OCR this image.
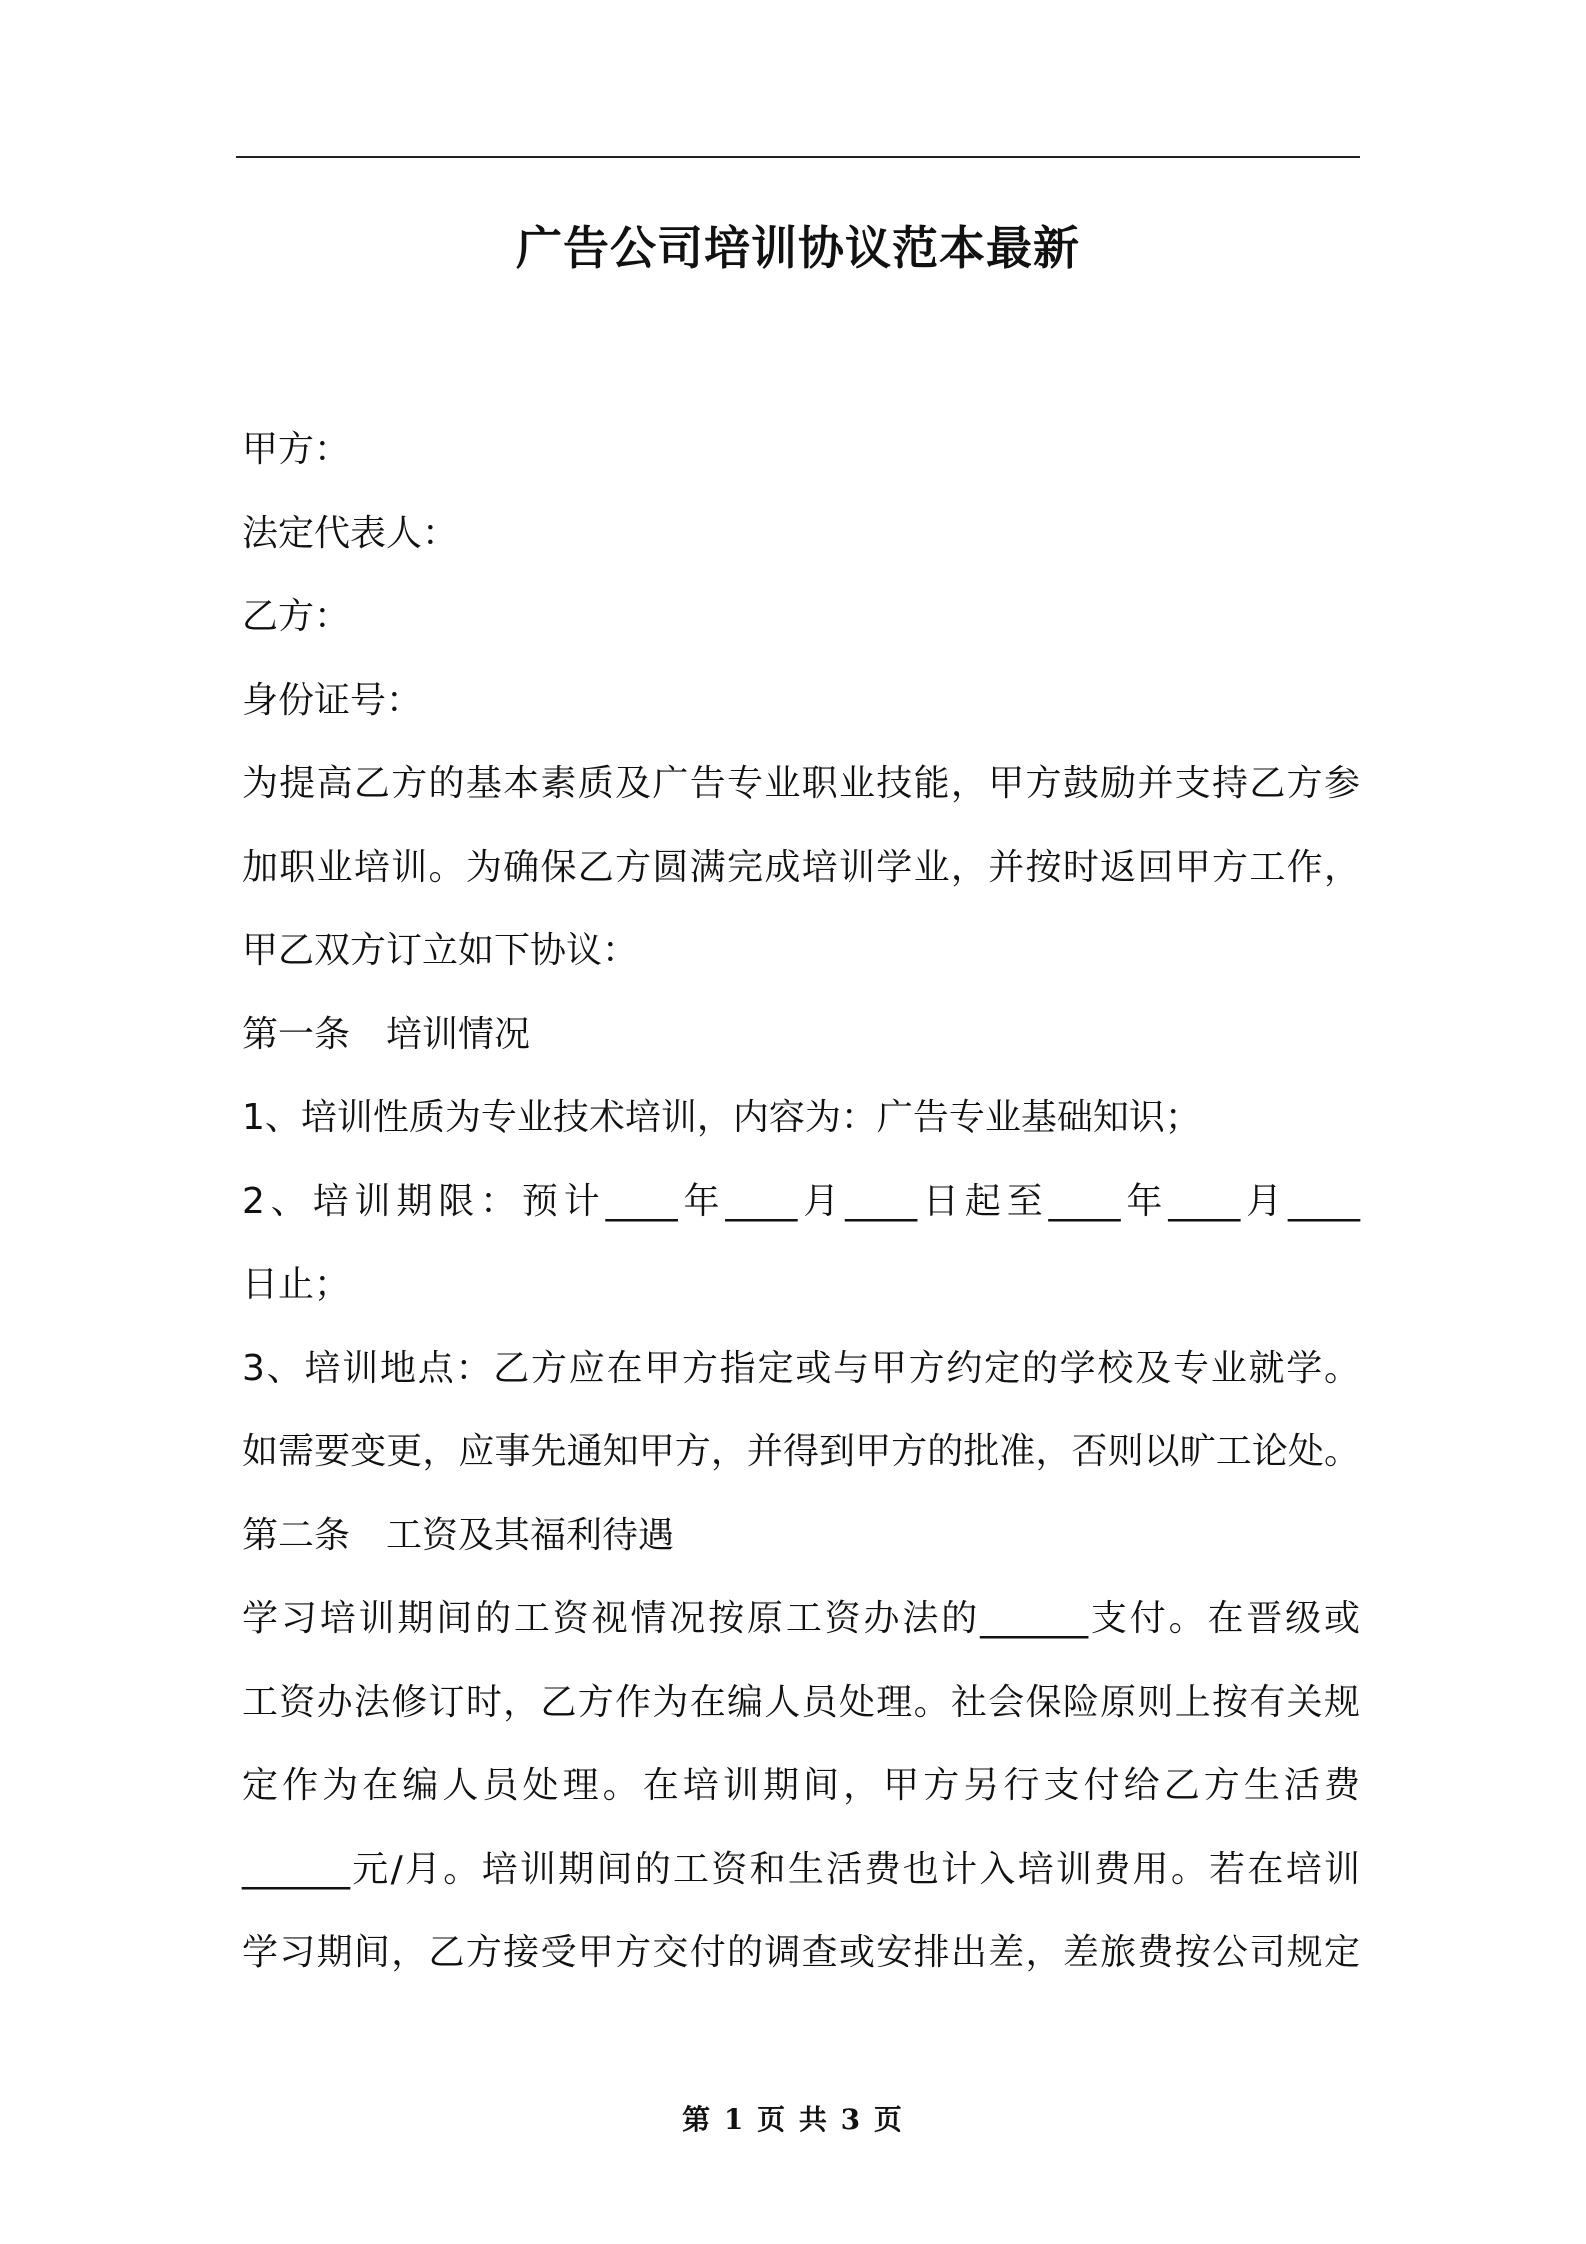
广告公司培训协议范本最新

甲方：

法定代表人：

乙方：

身份证号：

为提高乙方的基本素质及广告专业职业技能，甲方鼓励并支持乙方参

加职业培训。为确保乙方圆满完成培训学业，并按时返回甲方工作，

甲乙双方订立如下协议：

第一条　培训情况

1、培训性质为专业技术培训，内容为：广告专业基础知识；

2、培训期限：预计____年____月____日起至____年____月____

日止；

3、培训地点：乙方应在甲方指定或与甲方约定的学校及专业就学。

如需要变更，应事先通知甲方，并得到甲方的批准，否则以旷工论处。

第二条　工资及其福利待遇

学习培训期间的工资视情况按原工资办法的______支付。在晋级或

工资办法修订时，乙方作为在编人员处理。社会保险原则上按有关规

定作为在编人员处理。在培训期间，甲方另行支付给乙方生活费

______元/月。培训期间的工资和生活费也计入培训费用。若在培训

学习期间，乙方接受甲方交付的调查或安排出差，差旅费按公司规定

第 1 页 共 3 页
